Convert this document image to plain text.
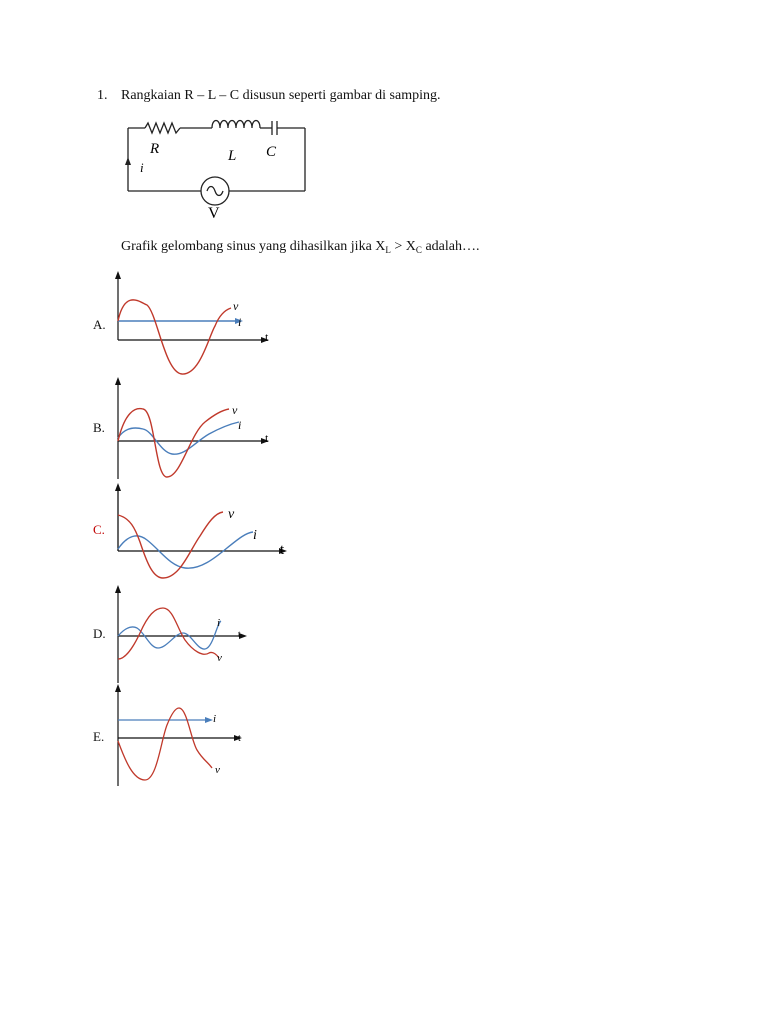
1. Rangkaian R – L – C disusun seperti gambar di samping.
R	L C
i
V
Grafik gelombang sinus yang dihasilkan jika $X_L > X_C$ adalah….
A.
v
i
t
B.
v
i
t
C.
v
i
t
D.
i
t
v
E.
i
t
v
